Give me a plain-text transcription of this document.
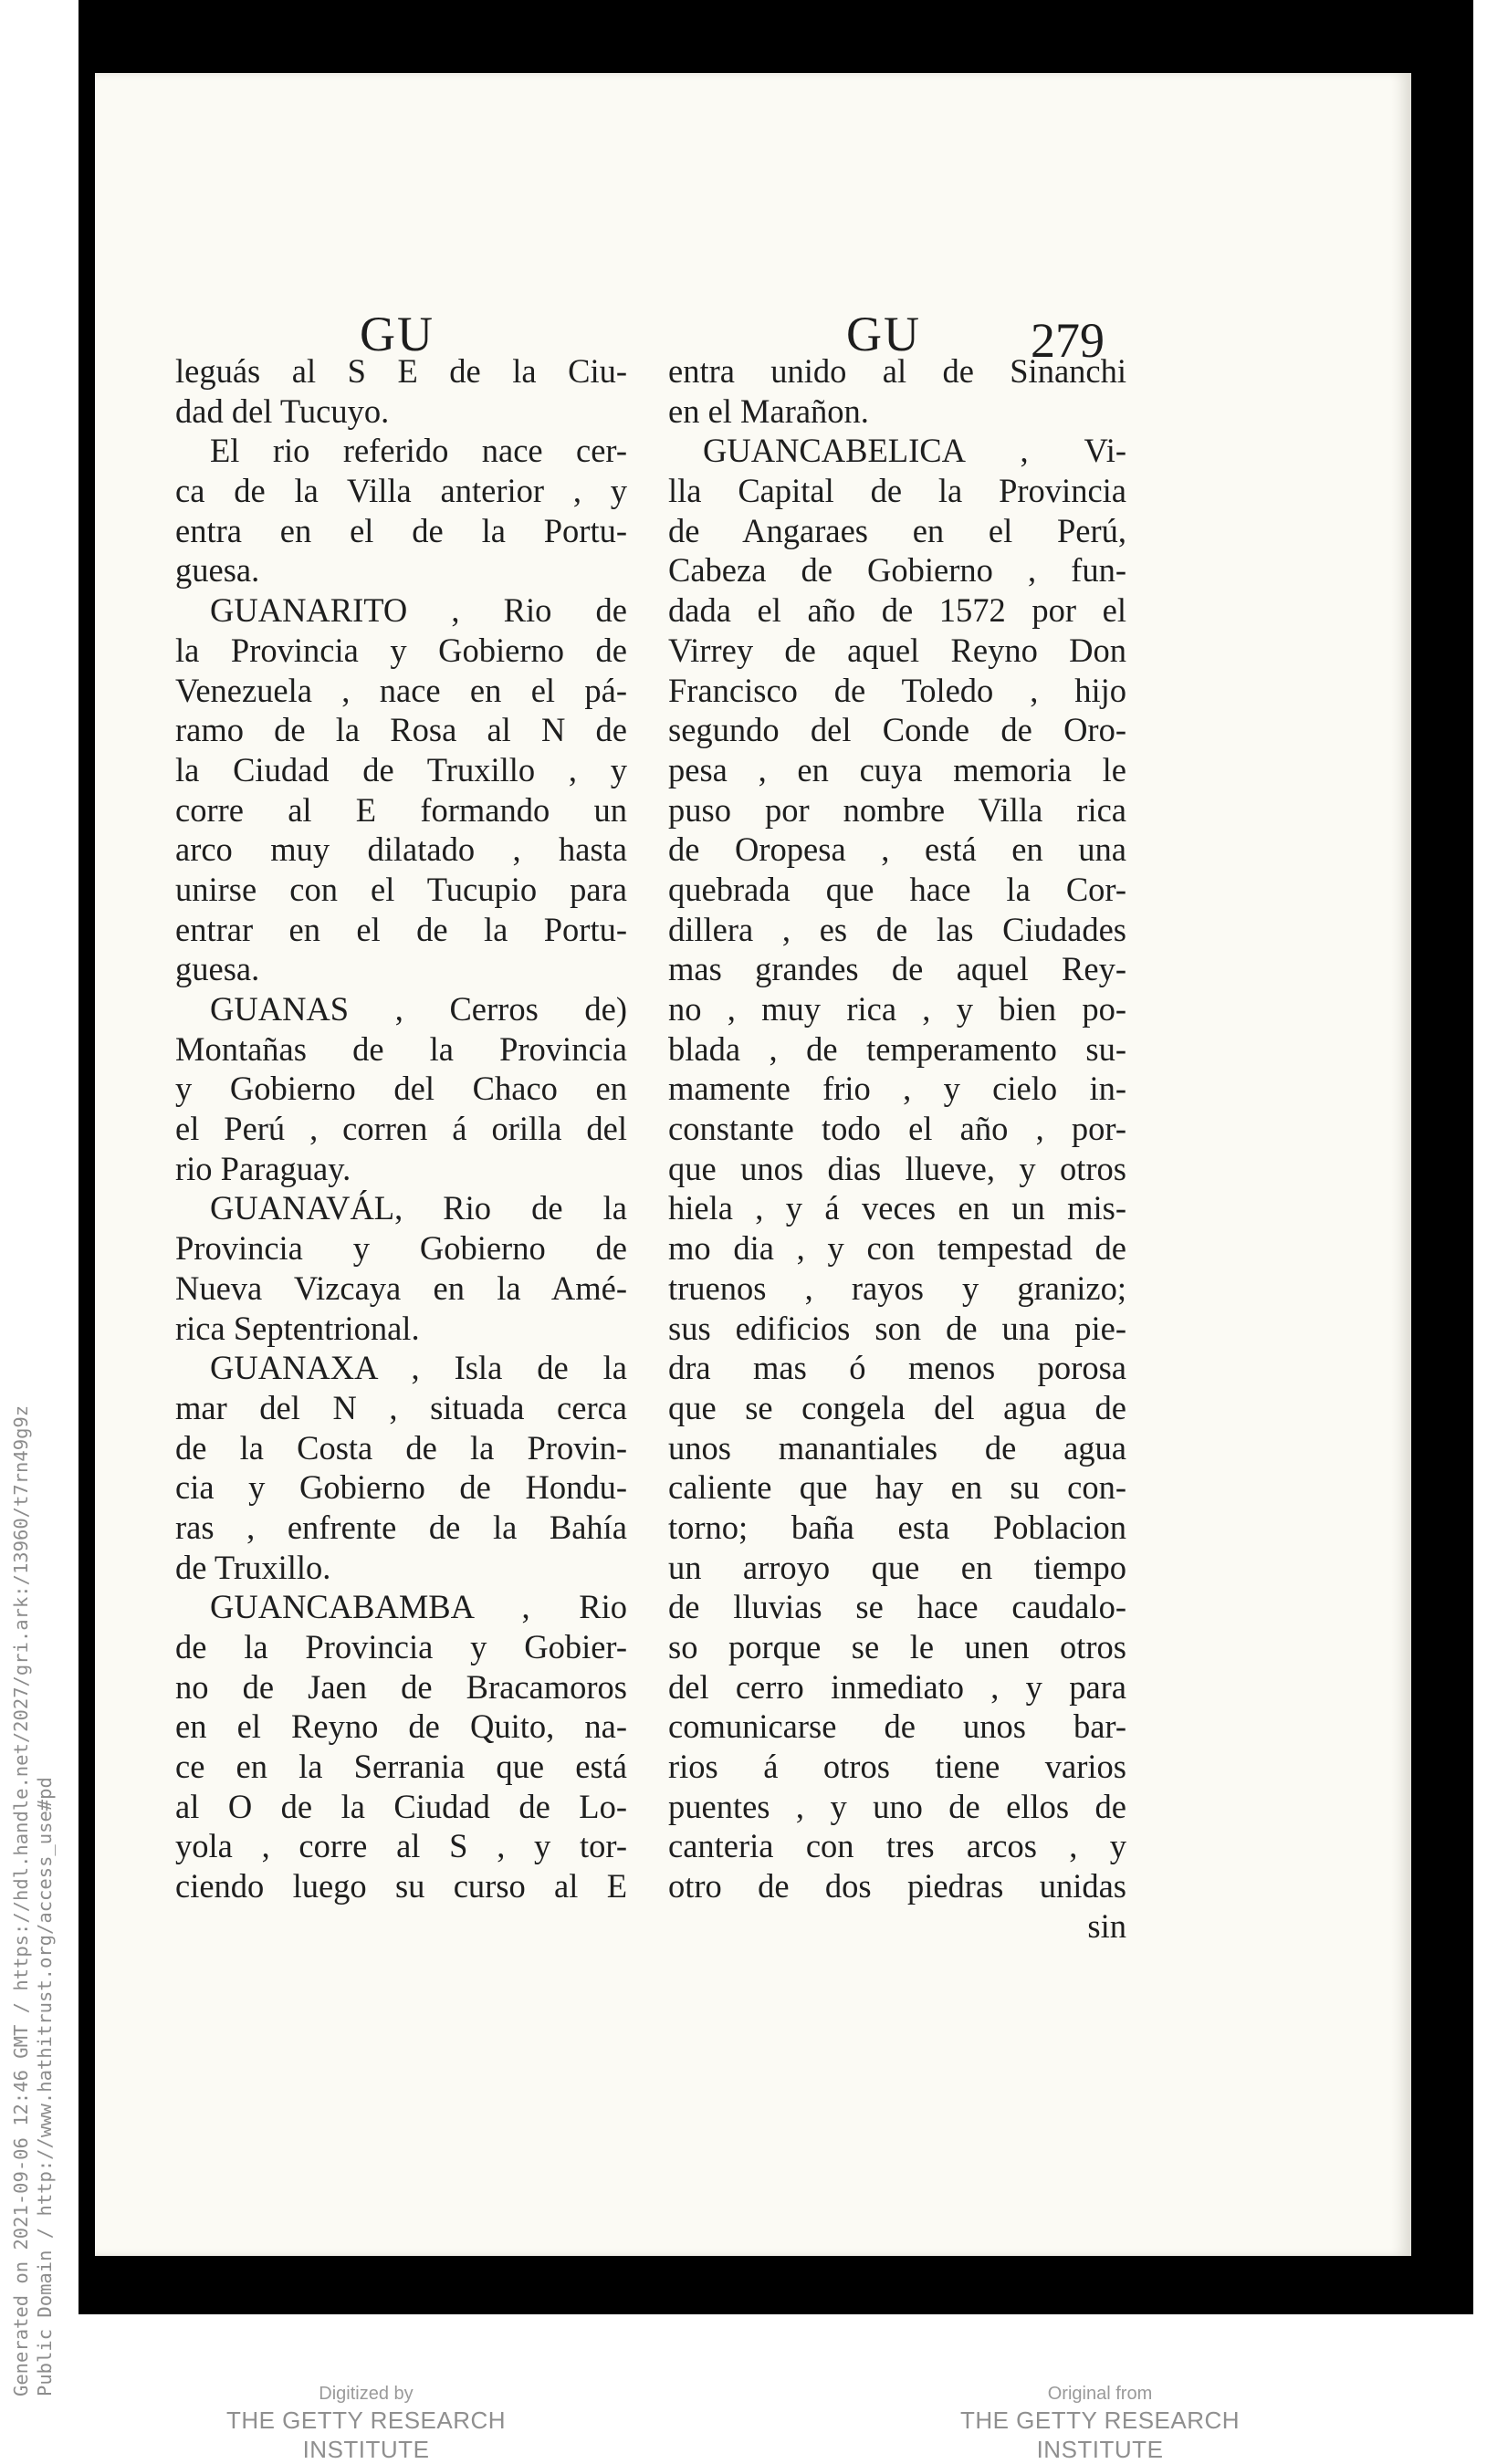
GU	GU 279
leguás al S E de la Ciu-
dad del Tucuyo.
El rio referido nace cer-
ca de la Villa anterior , y
entra en el de la Portu-
guesa.
GUANARITO , Rio de
la Provincia y Gobierno de
Venezuela , nace en el pá-
ramo de la Rosa al N de
la Ciudad de Truxillo , y
corre al E formando un
arco muy dilatado , hasta
unirse con el Tucupio para
entrar en el de la Portu-
guesa.
GUANAS , Cerros de)
Montañas de la Provincia
y Gobierno del Chaco en
el Perú , corren á orilla del
rio Paraguay.
GUANAVÁL, Rio de la
Provincia y Gobierno de
Nueva Vizcaya en la Amé-
rica Septentrional.
GUANAXA , Isla de la
mar del N , situada cerca
de la Costa de la Provin-
cia y Gobierno de Hondu-
ras , enfrente de la Bahía
de Truxillo.
GUANCABAMBA , Rio
de la Provincia y Gobier-
no de Jaen de Bracamoros
en el Reyno de Quito, na-
ce en la Serrania que está
al O de la Ciudad de Lo-
yola , corre al S , y tor-
ciendo luego su curso al E
entra unido al de Sinanchi
en el Marañon.
GUANCABELICA , Vi-
lla Capital de la Provincia
de Angaraes en el Perú,
Cabeza de Gobierno , fun-
dada el año de 1572 por el
Virrey de aquel Reyno Don
Francisco de Toledo , hijo
segundo del Conde de Oro-
pesa , en cuya memoria le
puso por nombre Villa rica
de Oropesa , está en una
quebrada que hace la Cor-
dillera , es de las Ciudades
mas grandes de aquel Rey-
no , muy rica , y bien po-
blada , de temperamento su-
mamente frio , y cielo in-
constante todo el año , por-
que unos dias llueve, y otros
hiela , y á veces en un mis-
mo dia , y con tempestad de
truenos , rayos y granizo;
sus edificios son de una pie-
dra mas ó menos porosa
que se congela del agua de
unos manantiales de agua
caliente que hay en su con-
torno; baña esta Poblacion
un arroyo que en tiempo
de lluvias se hace caudalo-
so porque se le unen otros
del cerro inmediato , y para
comunicarse de unos bar-
rios á otros tiene varios
puentes , y uno de ellos de
canteria con tres arcos , y
otro de dos piedras unidas
sin
Generated on 2021-09-06 12:46 GMT / https://hdl.handle.net/2027/gri.ark:/13960/t7rn49g9z Public Domain / http://www.hathitrust.org/access_use#pd	Digitized by
THE GETTY RESEARCH INSTITUTE
Original from
THE GETTY RESEARCH INSTITUTE
